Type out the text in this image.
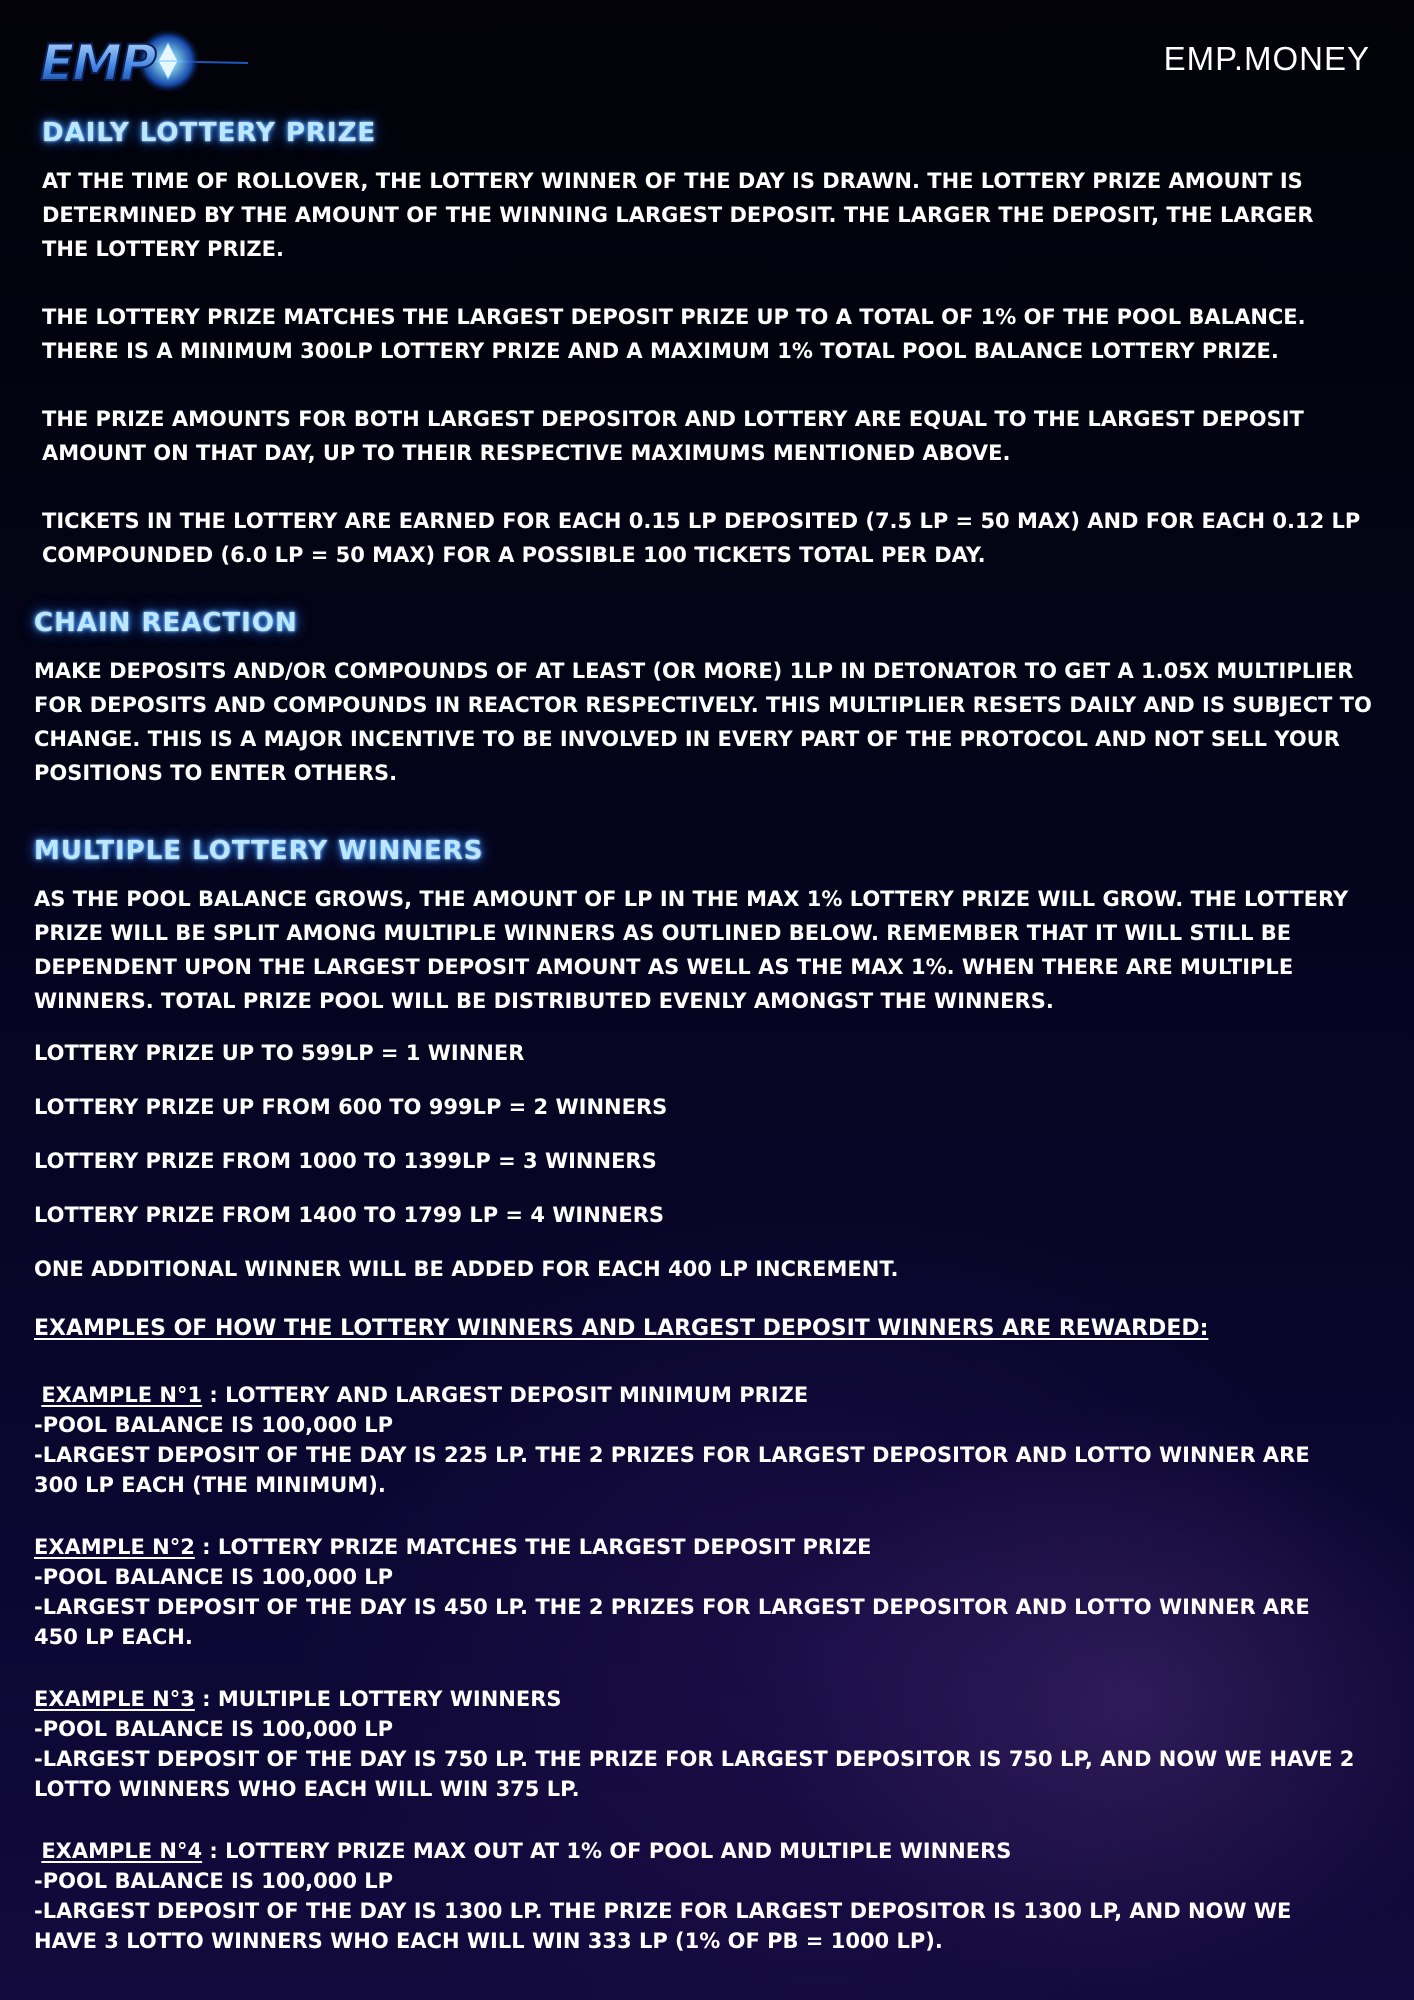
EMP	EMP.MONEY
DAILY LOTTERY PRIZE

AT THE TIME OF ROLLOVER, THE LOTTERY WINNER OF THE DAY IS DRAWN. THE LOTTERY PRIZE AMOUNT IS DETERMINED BY THE AMOUNT OF THE WINNING LARGEST DEPOSIT. THE LARGER THE DEPOSIT, THE LARGER THE LOTTERY PRIZE.

THE LOTTERY PRIZE MATCHES THE LARGEST DEPOSIT PRIZE UP TO A TOTAL OF 1% OF THE POOL BALANCE. THERE IS A MINIMUM 300LP LOTTERY PRIZE AND A MAXIMUM 1% TOTAL POOL BALANCE LOTTERY PRIZE.

THE PRIZE AMOUNTS FOR BOTH LARGEST DEPOSITOR AND LOTTERY ARE EQUAL TO THE LARGEST DEPOSIT AMOUNT ON THAT DAY, UP TO THEIR RESPECTIVE MAXIMUMS MENTIONED ABOVE.

TICKETS IN THE LOTTERY ARE EARNED FOR EACH 0.15 LP DEPOSITED (7.5 LP = 50 MAX) AND FOR EACH 0.12 LP COMPOUNDED (6.0 LP = 50 MAX) FOR A POSSIBLE 100 TICKETS TOTAL PER DAY.

CHAIN REACTION

MAKE DEPOSITS AND/OR COMPOUNDS OF AT LEAST (OR MORE) 1LP IN DETONATOR TO GET A 1.05X MULTIPLIER FOR DEPOSITS AND COMPOUNDS IN REACTOR RESPECTIVELY. THIS MULTIPLIER RESETS DAILY AND IS SUBJECT TO CHANGE. THIS IS A MAJOR INCENTIVE TO BE INVOLVED IN EVERY PART OF THE PROTOCOL AND NOT SELL YOUR POSITIONS TO ENTER OTHERS.

MULTIPLE LOTTERY WINNERS

AS THE POOL BALANCE GROWS, THE AMOUNT OF LP IN THE MAX 1% LOTTERY PRIZE WILL GROW. THE LOTTERY PRIZE WILL BE SPLIT AMONG MULTIPLE WINNERS AS OUTLINED BELOW. REMEMBER THAT IT WILL STILL BE DEPENDENT UPON THE LARGEST DEPOSIT AMOUNT AS WELL AS THE MAX 1%. WHEN THERE ARE MULTIPLE WINNERS. TOTAL PRIZE POOL WILL BE DISTRIBUTED EVENLY AMONGST THE WINNERS.

LOTTERY PRIZE UP TO 599LP = 1 WINNER

LOTTERY PRIZE UP FROM 600 TO 999LP = 2 WINNERS

LOTTERY PRIZE FROM 1000 TO 1399LP = 3 WINNERS

LOTTERY PRIZE FROM 1400 TO 1799 LP = 4 WINNERS

ONE ADDITIONAL WINNER WILL BE ADDED FOR EACH 400 LP INCREMENT.

EXAMPLES OF HOW THE LOTTERY WINNERS AND LARGEST DEPOSIT WINNERS ARE REWARDED:

EXAMPLE N°1 : LOTTERY AND LARGEST DEPOSIT MINIMUM PRIZE

-POOL BALANCE IS 100,000 LP

-LARGEST DEPOSIT OF THE DAY IS 225 LP. THE 2 PRIZES FOR LARGEST DEPOSITOR AND LOTTO WINNER ARE

300 LP EACH (THE MINIMUM).

EXAMPLE N°2 : LOTTERY PRIZE MATCHES THE LARGEST DEPOSIT PRIZE

-POOL BALANCE IS 100,000 LP

-LARGEST DEPOSIT OF THE DAY IS 450 LP. THE 2 PRIZES FOR LARGEST DEPOSITOR AND LOTTO WINNER ARE

450 LP EACH.

EXAMPLE N°3 : MULTIPLE LOTTERY WINNERS

-POOL BALANCE IS 100,000 LP

-LARGEST DEPOSIT OF THE DAY IS 750 LP. THE PRIZE FOR LARGEST DEPOSITOR IS 750 LP, AND NOW WE HAVE 2

LOTTO WINNERS WHO EACH WILL WIN 375 LP.

EXAMPLE N°4 : LOTTERY PRIZE MAX OUT AT 1% OF POOL AND MULTIPLE WINNERS

-POOL BALANCE IS 100,000 LP

-LARGEST DEPOSIT OF THE DAY IS 1300 LP. THE PRIZE FOR LARGEST DEPOSITOR IS 1300 LP, AND NOW WE

HAVE 3 LOTTO WINNERS WHO EACH WILL WIN 333 LP (1% OF PB = 1000 LP).
